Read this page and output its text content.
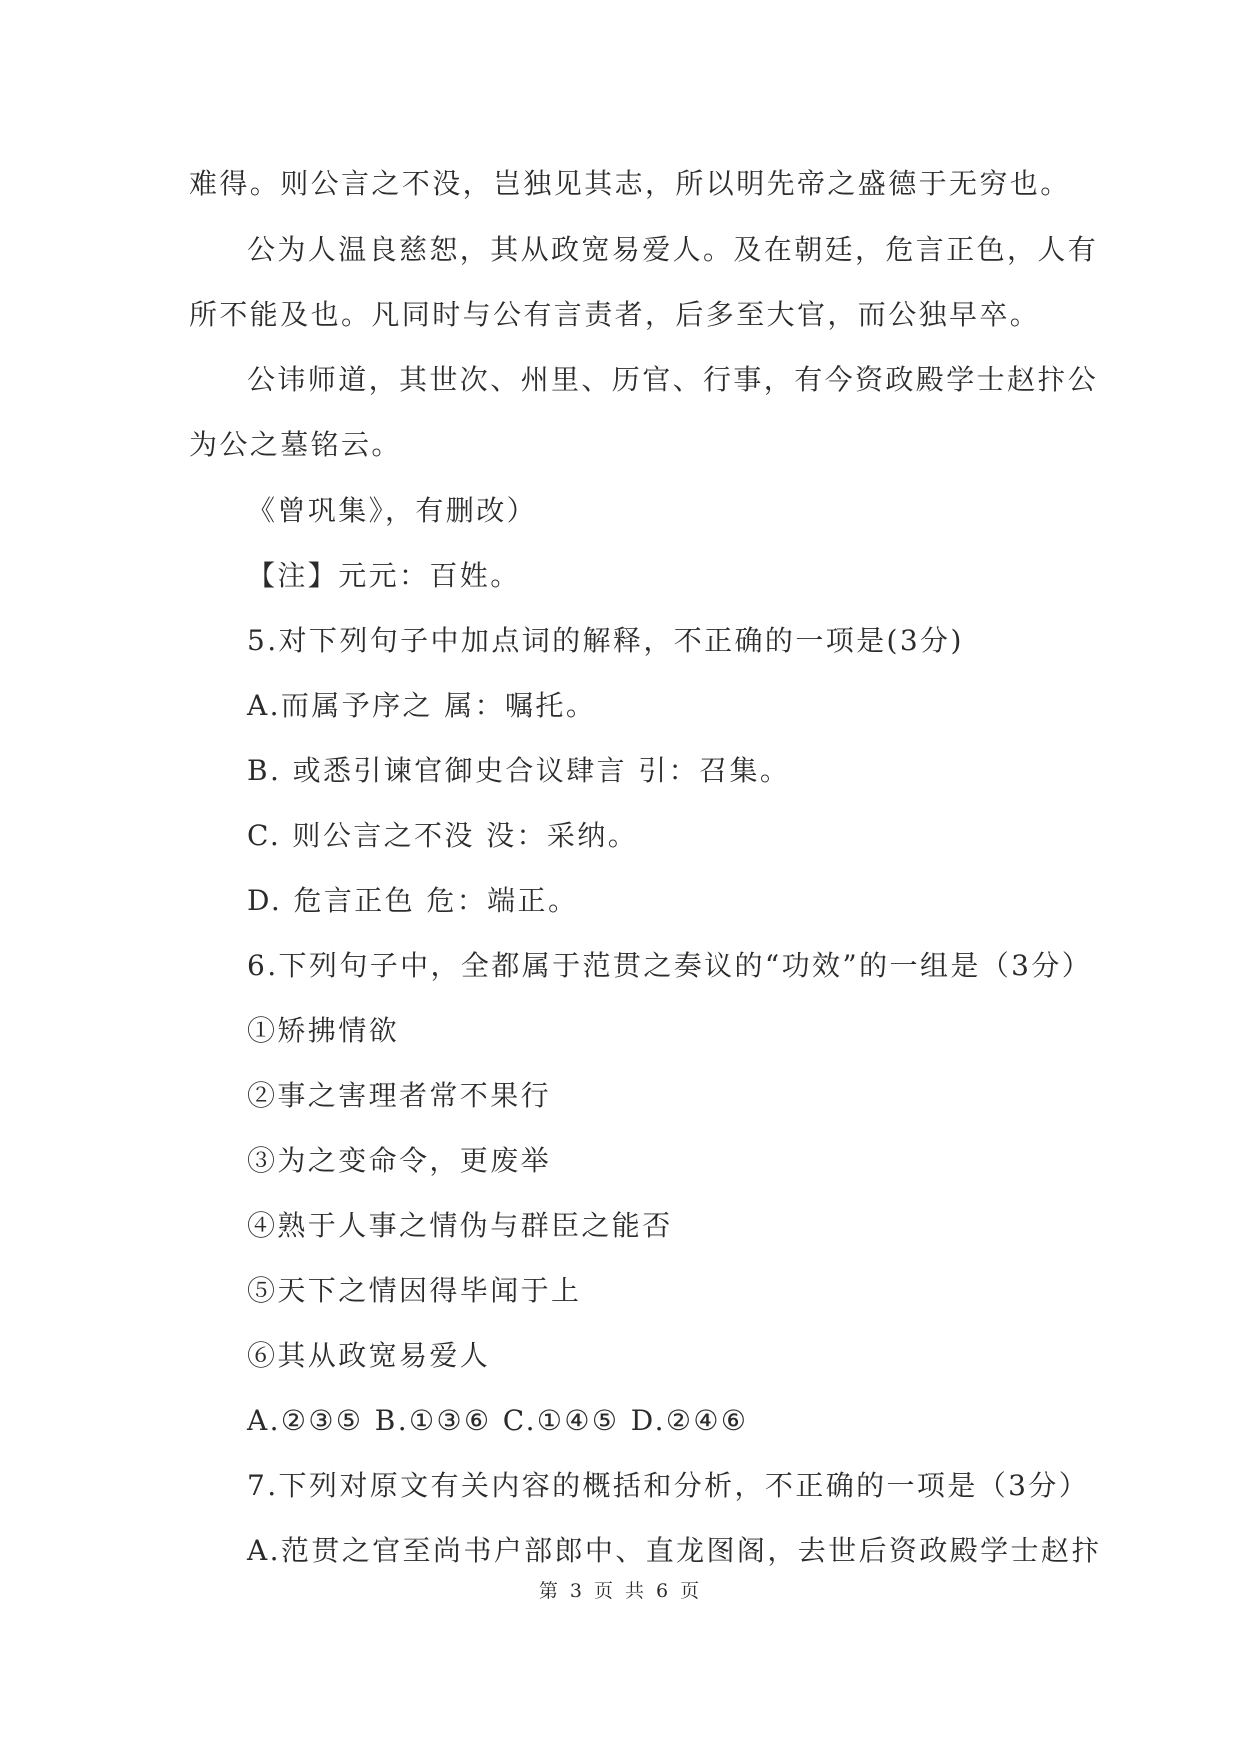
难得。则公言之不没，岂独见其志，所以明先帝之盛德于无穷也。
公为人温良慈恕，其从政宽易爱人。及在朝廷，危言正色，人有
所不能及也。凡同时与公有言责者，后多至大官，而公独早卒。
公讳师道，其世次、州里、历官、行事，有今资政殿学士赵抃公
为公之墓铭云。
《曾巩集》，有删改）
【注】元元：百姓。
5.对下列句子中加点词的解释，不正确的一项是(3分)
A.而属予序之 属：嘱托。
B. 或悉引谏官御史合议肆言 引：召集。
C. 则公言之不没 没：采纳。
D. 危言正色 危：端正。
6.下列句子中，全都属于范贯之奏议的“功效”的一组是（3分）
①矫拂情欲
②事之害理者常不果行
③为之变命令，更废举
④熟于人事之情伪与群臣之能否
⑤天下之情因得毕闻于上
⑥其从政宽易爱人
A.②③⑤ B.①③⑥ C.①④⑤ D.②④⑥
7.下列对原文有关内容的概括和分析，不正确的一项是（3分）
A.范贯之官至尚书户部郎中、直龙图阁，去世后资政殿学士赵抃
第 3 页 共 6 页
